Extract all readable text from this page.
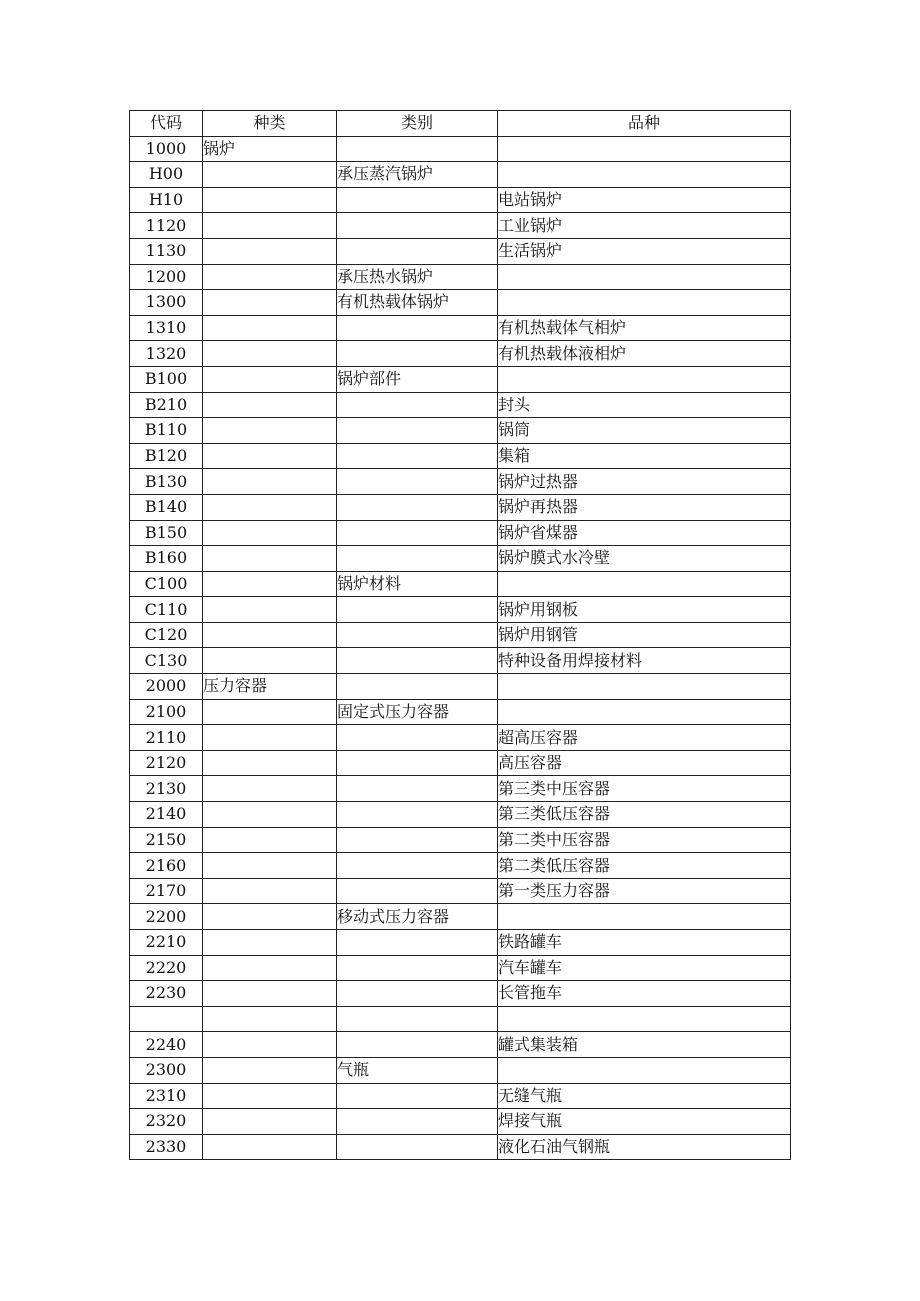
代码	种类	类别	品种
1000	锅炉		
H00		承压蒸汽锅炉	
H10			电站锅炉
1120			工业锅炉
1130			生活锅炉
1200		承压热水锅炉	
1300		有机热载体锅炉	
1310			有机热载体气相炉
1320			有机热载体液相炉
B100		锅炉部件	
B210			封头
B110			锅筒
B120			集箱
B130			锅炉过热器
B140			锅炉再热器
B150			锅炉省煤器
B160			锅炉膜式水冷壁
C100		锅炉材料	
C110			锅炉用钢板
C120			锅炉用钢管
C130			特种设备用焊接材料
2000	压力容器		
2100		固定式压力容器	
2110			超高压容器
2120			高压容器
2130			第三类中压容器
2140			第三类低压容器
2150			第二类中压容器
2160			第二类低压容器
2170			第一类压力容器
2200		移动式压力容器	
2210			铁路罐车
2220			汽车罐车
2230			长管拖车

2240			罐式集装箱
2300		气瓶	
2310			无缝气瓶
2320			焊接气瓶
2330			液化石油气钢瓶
